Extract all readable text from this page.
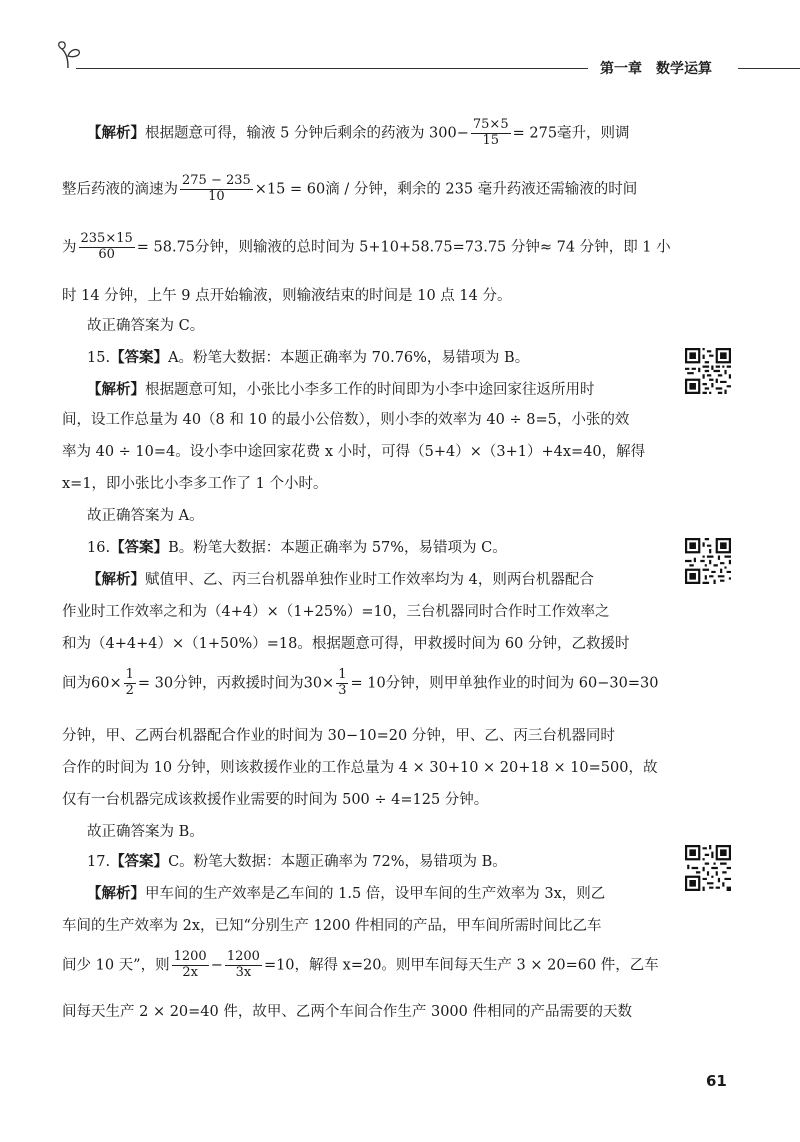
第一章 数学运算
【解析】根据题意可得，输液 5 分钟后剩余的药液为 $300- \frac{75\times 5}{15} = 275$毫升，则调
整后药液的滴速为 $\frac{275 - 235}{10} \times 15 = 60$滴 / 分钟，剩余的 235 毫升药液还需输液的时间
为 $\frac{235\times 15}{60} = 58.75$分钟，则输液的总时间为 5+10+58.75=73.75 分钟≈ 74 分钟，即 1 小
时 14 分钟，上午 9 点开始输液，则输液结束的时间是 10 点 14 分。
故正确答案为 C。
15.【答案】A。粉笔大数据：本题正确率为 70.76%，易错项为 B。
【解析】根据题意可知，小张比小李多工作的时间即为小李中途回家往返所用时
间，设工作总量为 40（8 和 10 的最小公倍数），则小李的效率为 40 ÷ 8=5，小张的效
率为 40 ÷ 10=4。设小李中途回家花费 x 小时，可得（5+4）×（3+1）+4x=40，解得
x=1，即小张比小李多工作了 1 个小时。
故正确答案为 A。
16.【答案】B。粉笔大数据：本题正确率为 57%，易错项为 C。
【解析】赋值甲、乙、丙三台机器单独作业时工作效率均为 4，则两台机器配合
作业时工作效率之和为（4+4）×（1+25%）=10，三台机器同时合作时工作效率之
和为（4+4+4）×（1+50%）=18。根据题意可得，甲救援时间为 60 分钟，乙救援时
间为$60\times \frac{1}{2} = 30$分钟，丙救援时间为$30\times \frac{1}{3} = 10$分钟，则甲单独作业的时间为 60−30=30
分钟，甲、乙两台机器配合作业的时间为 30−10=20 分钟，甲、乙、丙三台机器同时
合作的时间为 10 分钟，则该救援作业的工作总量为 4 × 30+10 × 20+18 × 10=500，故
仅有一台机器完成该救援作业需要的时间为 500 ÷ 4=125 分钟。
故正确答案为 B。
17.【答案】C。粉笔大数据：本题正确率为 72%，易错项为 B。
【解析】甲车间的生产效率是乙车间的 1.5 倍，设甲车间的生产效率为 3x，则乙
车间的生产效率为 2x，已知“分别生产 1200 件相同的产品，甲车间所需时间比乙车
间少 10 天”，则 $\frac{1200}{2x} - \frac{1200}{3x} =10$，解得 x=20。则甲车间每天生产 3 × 20=60 件，乙车
间每天生产 2 × 20=40 件，故甲、乙两个车间合作生产 3000 件相同的产品需要的天数
61
